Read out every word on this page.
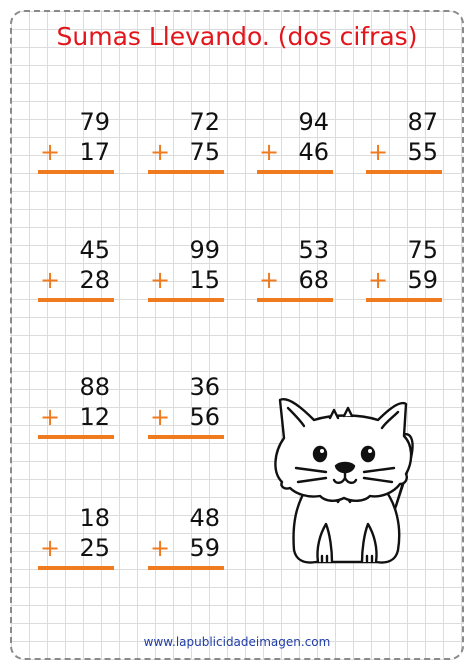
Sumas Llevando. (dos cifras)
79
+ 17
72
+ 75
94
+ 46
87
+ 55
45
+ 28
99
+ 15
53
+ 68
75
+ 59
88
+ 12
36
+ 56
18
+ 25
48
+ 59
www.lapublicidadeimagen.com
